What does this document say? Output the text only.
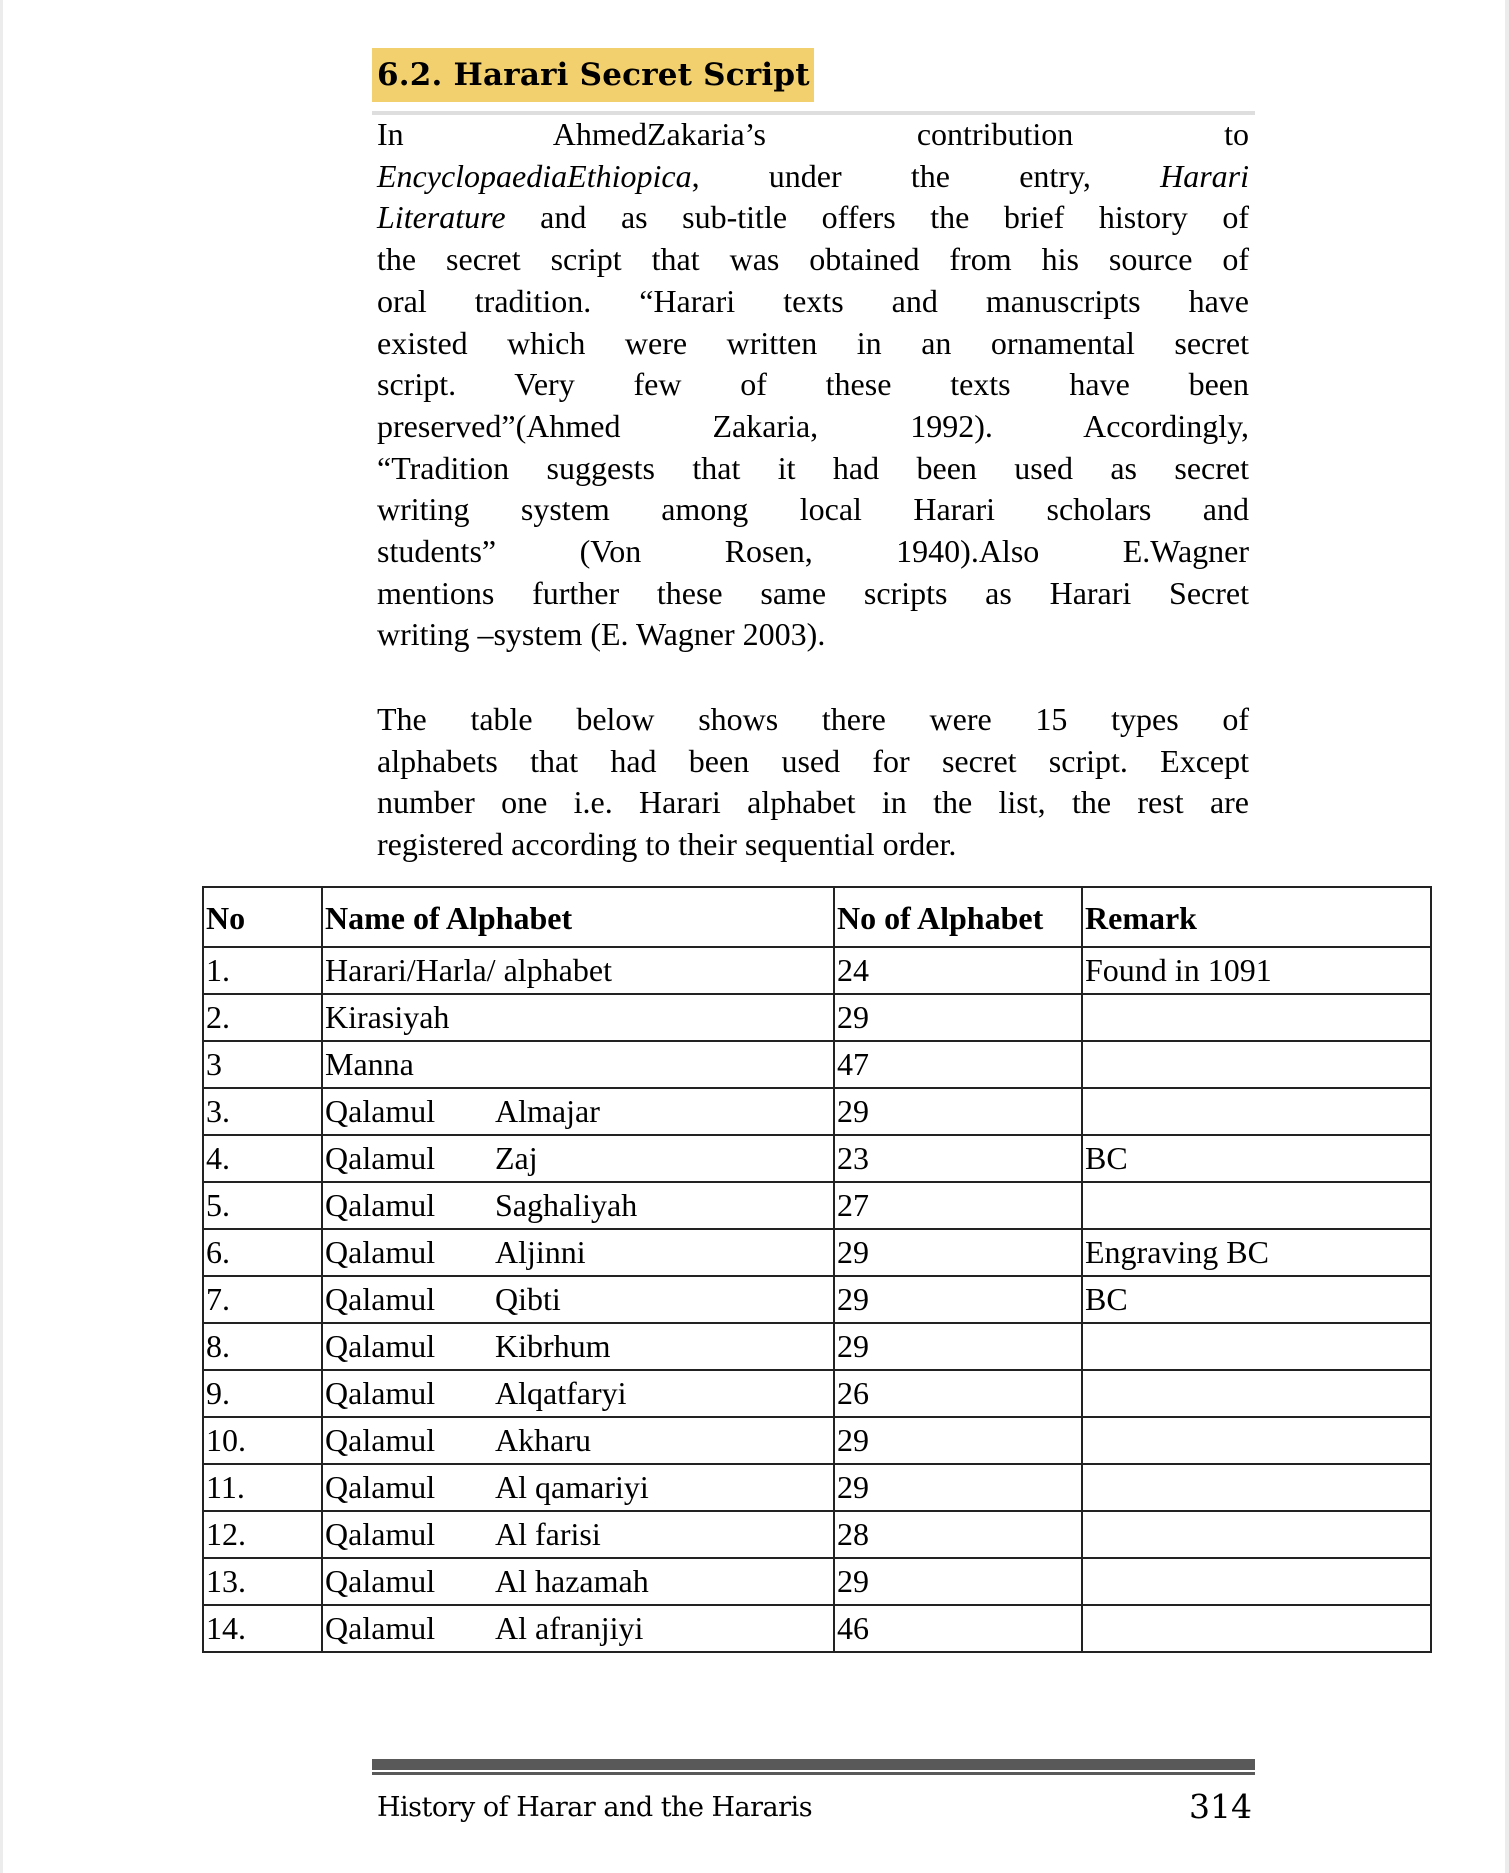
6.2. Harari Secret Script
In AhmedZakaria’s contribution to
EncyclopaediaEthiopica, under the entry, Harari
Literature and as sub-title offers the brief history of
the secret script that was obtained from his source of
oral tradition. “Harari texts and manuscripts have
existed which were written in an ornamental secret
script. Very few of these texts have been
preserved”(Ahmed Zakaria, 1992). Accordingly,
“Tradition suggests that it had been used as secret
writing system among local Harari scholars and
students” (Von Rosen, 1940).Also E.Wagner
mentions further these same scripts as Harari Secret
writing –system (E. Wagner 2003).
The table below shows there were 15 types of
alphabets that had been used for secret script. Except
number one i.e. Harari alphabet in the list, the rest are
registered according to their sequential order.
No	Name of Alphabet	No of Alphabet	Remark
1.	Harari/Harla/ alphabet	24	Found in 1091
2.	Kirasiyah	29	
3	Manna	47	
3.	Qalamul Almajar	29	
4.	Qalamul Zaj	23	BC
5.	Qalamul Saghaliyah	27	
6.	Qalamul Aljinni	29	Engraving BC
7.	Qalamul Qibti	29	BC
8.	Qalamul Kibrhum	29	
9.	Qalamul Alqatfaryi	26	
10.	Qalamul Akharu	29	
11.	Qalamul Al qamariyi	29	
12.	Qalamul Al farisi	28	
13.	Qalamul Al hazamah	29	
14.	Qalamul Al afranjiyi	46	
History of Harar and the Hararis	314
